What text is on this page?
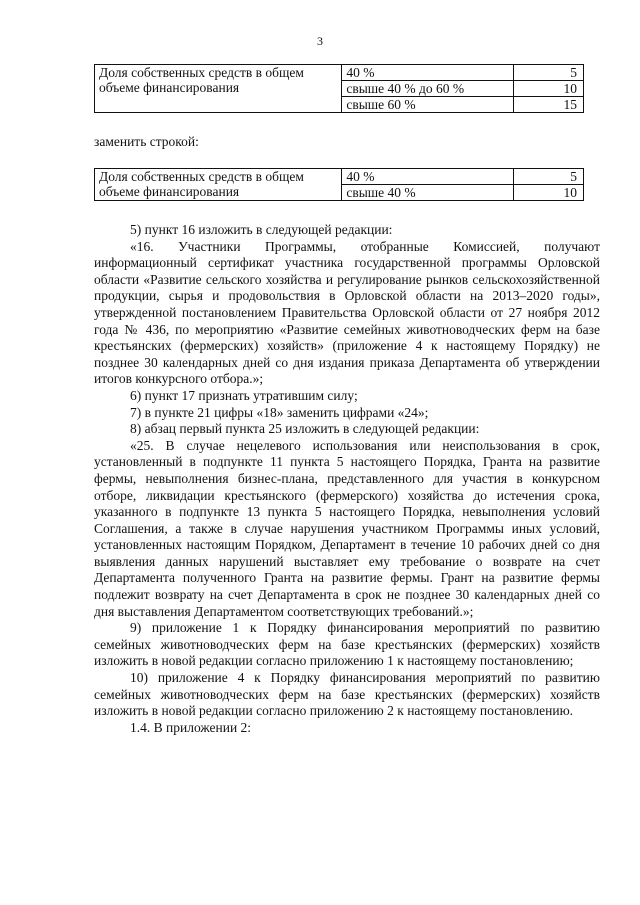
3
Доля собственных средств в общем объеме финансирования	40 %	5
	свыше 40 % до 60 %	10
	свыше 60 %	15
заменить строкой:
Доля собственных средств в общем объеме финансирования	40 %	5
	свыше 40 %	10

5) пункт 16 изложить в следующей редакции:

«16. Участники Программы, отобранные Комиссией, получают информационный сертификат участника государственной программы Орловской области «Развитие сельского хозяйства и регулирование рынков сельскохозяйственной продукции, сырья и продовольствия в Орловской области на 2013–2020 годы», утвержденной постановлением Правительства Орловской области от 27 ноября 2012 года № 436, по мероприятию «Развитие семейных животноводческих ферм на базе крестьянских (фермерских) хозяйств» (приложение 4 к настоящему Порядку) не позднее 30 календарных дней со дня издания приказа Департамента об утверждении итогов конкурсного отбора.»;

6) пункт 17 признать утратившим силу;

7) в пункте 21 цифры «18» заменить цифрами «24»;

8) абзац первый пункта 25 изложить в следующей редакции:

«25. В случае нецелевого использования или неиспользования в срок, установленный в подпункте 11 пункта 5 настоящего Порядка, Гранта на развитие фермы, невыполнения бизнес-плана, представленного для участия в конкурсном отборе, ликвидации крестьянского (фермерского) хозяйства до истечения срока, указанного в подпункте 13 пункта 5 настоящего Порядка, невыполнения условий Соглашения, а также в случае нарушения участником Программы иных условий, установленных настоящим Порядком, Департамент в течение 10 рабочих дней со дня выявления данных нарушений выставляет ему требование о возврате на счет Департамента полученного Гранта на развитие фермы. Грант на развитие фермы подлежит возврату на счет Департамента в срок не позднее 30 календарных дней со дня выставления Департаментом соответствующих требований.»;

9) приложение 1 к Порядку финансирования мероприятий по развитию семейных животноводческих ферм на базе крестьянских (фермерских) хозяйств изложить в новой редакции согласно приложению 1 к настоящему постановлению;

10) приложение 4 к Порядку финансирования мероприятий по развитию семейных животноводческих ферм на базе крестьянских (фермерских) хозяйств изложить в новой редакции согласно приложению 2 к настоящему постановлению.

1.4. В приложении 2:
